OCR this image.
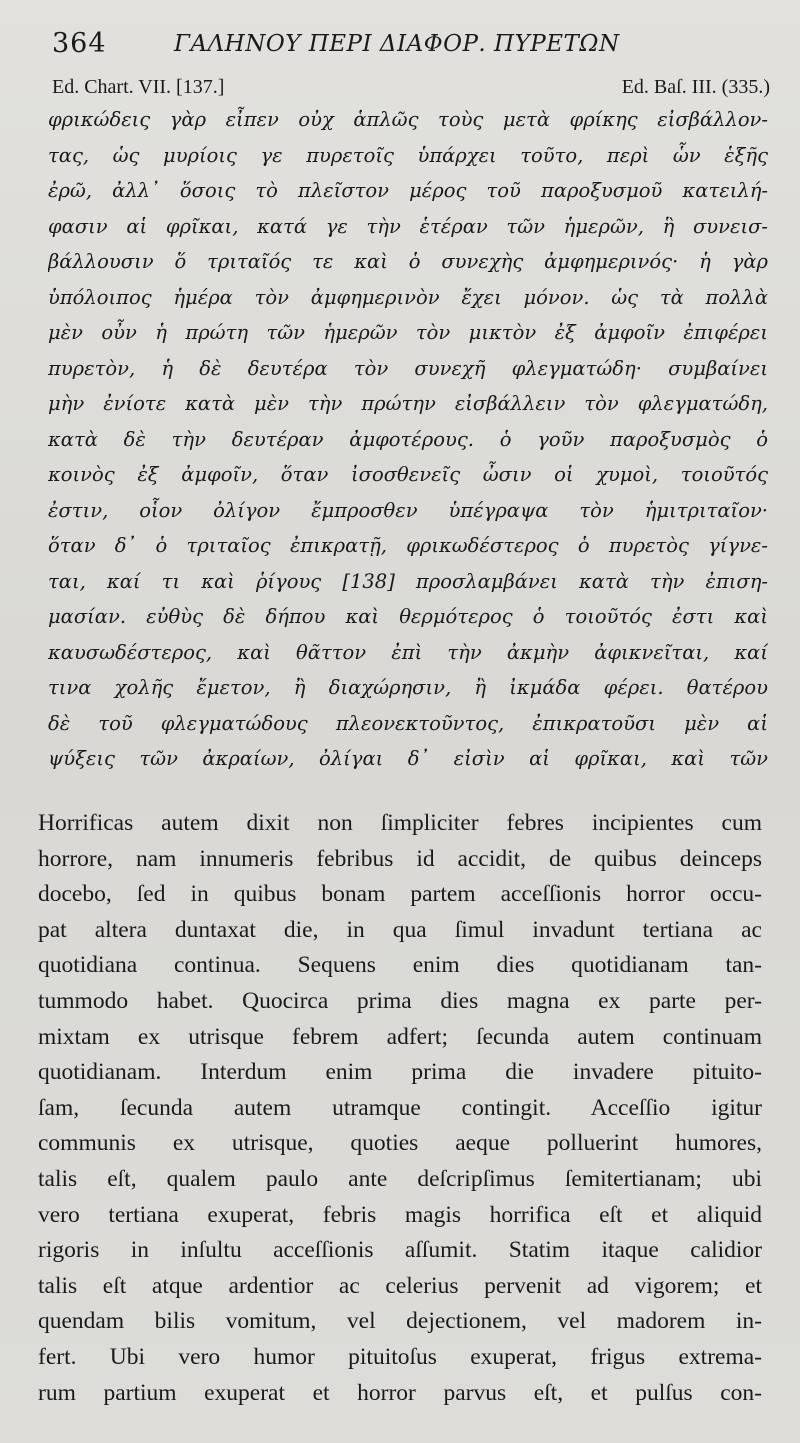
364	ΓΑΛΗΝΟΥ ΠΕΡΙ ΔΙΑΦΟΡ. ΠΥΡΕΤΩΝ
Ed. Chart. VII. [137.]	Ed. Baſ. III. (335.)
φρικώδεις γὰρ εἶπεν οὐχ ἁπλῶς τοὺς μετὰ φρίκης εἰσβάλλον-
τας, ὡς μυρίοις γε πυρετοῖς ὑπάρχει τοῦτο, περὶ ὧν ἑξῆς
ἐρῶ, ἀλλ᾽ ὅσοις τὸ πλεῖστον μέρος τοῦ παροξυσμοῦ κατειλή-
φασιν αἱ φρῖκαι, κατά γε τὴν ἑτέραν τῶν ἡμερῶν, ἣ συνεισ-
βάλλουσιν ὅ τριταῖός τε καὶ ὁ συνεχὴς ἀμφημερινός· ἡ γὰρ
ὑπόλοιπος ἡμέρα τὸν ἀμφημερινὸν ἔχει μόνον. ὡς τὰ πολλὰ
μὲν οὖν ἡ πρώτη τῶν ἡμερῶν τὸν μικτὸν ἐξ ἀμφοῖν ἐπιφέρει
πυρετὸν, ἡ δὲ δευτέρα τὸν συνεχῆ φλεγματώδη· συμβαίνει
μὴν ἐνίοτε κατὰ μὲν τὴν πρώτην εἰσβάλλειν τὸν φλεγματώδη,
κατὰ δὲ τὴν δευτέραν ἀμφοτέρους. ὁ γοῦν παροξυσμὸς ὁ
κοινὸς ἐξ ἀμφοῖν, ὅταν ἰσοσθενεῖς ὦσιν οἱ χυμοὶ, τοιοῦτός
ἐστιν, οἷον ὀλίγον ἔμπροσθεν ὑπέγραψα τὸν ἡμιτριταῖον·
ὅταν δ᾽ ὁ τριταῖος ἐπικρατῇ, φρικωδέστερος ὁ πυρετὸς γίγνε-
ται, καί τι καὶ ῥίγους [138] προσλαμβάνει κατὰ τὴν ἐπιση-
μασίαν. εὐθὺς δὲ δήπου καὶ θερμότερος ὁ τοιοῦτός ἐστι καὶ
καυσωδέστερος, καὶ θᾶττον ἐπὶ τὴν ἀκμὴν ἀφικνεῖται, καί
τινα χολῆς ἔμετον, ἢ διαχώρησιν, ἢ ἰκμάδα φέρει. θατέρου
δὲ τοῦ φλεγματώδους πλεονεκτοῦντος, ἐπικρατοῦσι μὲν αἱ
ψύξεις τῶν ἀκραίων, ὀλίγαι δ᾽ εἰσὶν αἱ φρῖκαι, καὶ τῶν
Horrificas autem dixit non ſimpliciter febres incipientes cum
horrore, nam innumeris febribus id accidit, de quibus deinceps
docebo, ſed in quibus bonam partem acceſſionis horror occu-
pat altera duntaxat die, in qua ſimul invadunt tertiana ac
quotidiana continua. Sequens enim dies quotidianam tan-
tummodo habet. Quocirca prima dies magna ex parte per-
mixtam ex utrisque febrem adfert; ſecunda autem continuam
quotidianam. Interdum enim prima die invadere pituito-
ſam, ſecunda autem utramque contingit. Acceſſio igitur
communis ex utrisque, quoties aeque polluerint humores,
talis eſt, qualem paulo ante deſcripſimus ſemitertianam; ubi
vero tertiana exuperat, febris magis horrifica eſt et aliquid
rigoris in inſultu acceſſionis aſſumit. Statim itaque calidior
talis eſt atque ardentior ac celerius pervenit ad vigorem; et
quendam bilis vomitum, vel dejectionem, vel madorem in-
fert. Ubi vero humor pituitoſus exuperat, frigus extrema-
rum partium exuperat et horror parvus eſt, et pulſus con-
